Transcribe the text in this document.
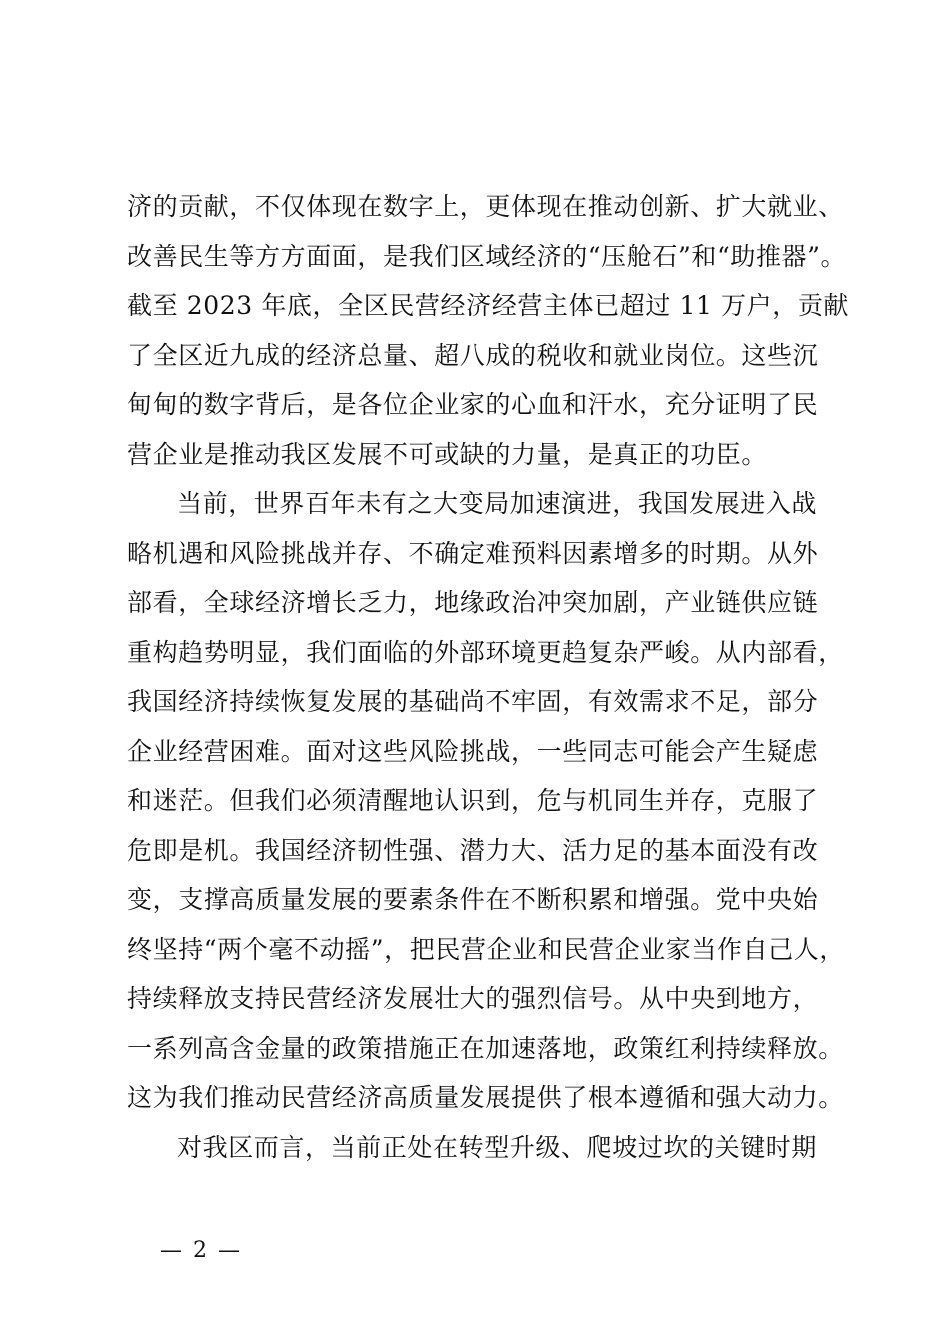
济的贡献，不仅体现在数字上，更体现在推动创新、扩大就业、
改善民生等方方面面，是我们区域经济的“压舱石”和“助推器”。
截至 2023 年底，全区民营经济经营主体已超过 11 万户，贡献
了全区近九成的经济总量、超八成的税收和就业岗位。这些沉
甸甸的数字背后，是各位企业家的心血和汗水，充分证明了民
营企业是推动我区发展不可或缺的力量，是真正的功臣。
当前，世界百年未有之大变局加速演进，我国发展进入战
略机遇和风险挑战并存、不确定难预料因素增多的时期。从外
部看，全球经济增长乏力，地缘政治冲突加剧，产业链供应链
重构趋势明显，我们面临的外部环境更趋复杂严峻。从内部看，
我国经济持续恢复发展的基础尚不牢固，有效需求不足，部分
企业经营困难。面对这些风险挑战，一些同志可能会产生疑虑
和迷茫。但我们必须清醒地认识到，危与机同生并存，克服了
危即是机。我国经济韧性强、潜力大、活力足的基本面没有改
变，支撑高质量发展的要素条件在不断积累和增强。党中央始
终坚持“两个毫不动摇”，把民营企业和民营企业家当作自己人，
持续释放支持民营经济发展壮大的强烈信号。从中央到地方，
一系列高含金量的政策措施正在加速落地，政策红利持续释放。
这为我们推动民营经济高质量发展提供了根本遵循和强大动力。
对我区而言，当前正处在转型升级、爬坡过坎的关键时期
— 2 —
